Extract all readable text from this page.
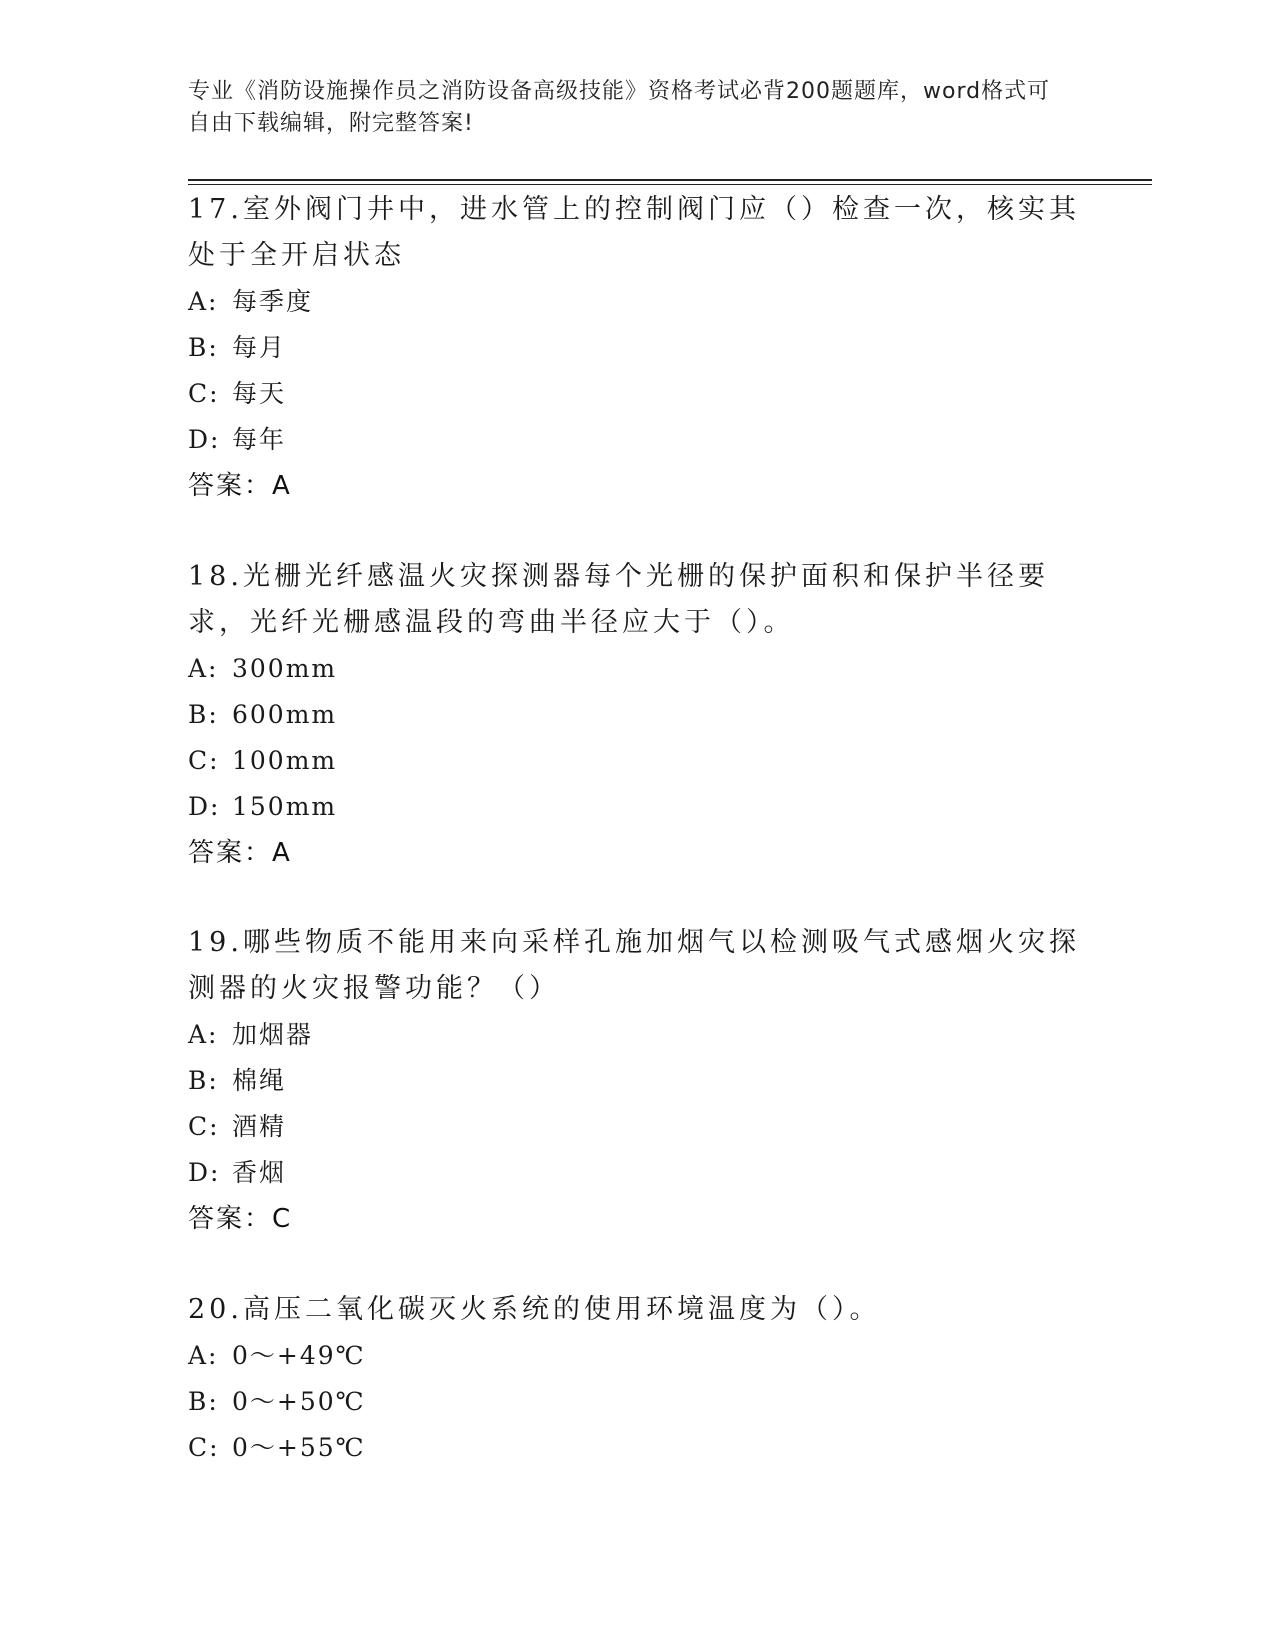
专业《消防设施操作员之消防设备高级技能》资格考试必背200题题库，word格式可自由下载编辑，附完整答案!

17.室外阀门井中，进水管上的控制阀门应（）检查一次，核实其处于全开启状态

A: 每季度
B: 每月
C: 每天
D: 每年
答案：A

18.光栅光纤感温火灾探测器每个光栅的保护面积和保护半径要求，光纤光栅感温段的弯曲半径应大于（）。

A: 300mm
B: 600mm
C: 100mm
D: 150mm
答案：A

19.哪些物质不能用来向采样孔施加烟气以检测吸气式感烟火灾探测器的火灾报警功能？（）

A: 加烟器
B: 棉绳
C: 酒精
D: 香烟
答案：C

20.高压二氧化碳灭火系统的使用环境温度为（）。

A: 0～+49℃
B: 0～+50℃
C: 0～+55℃
